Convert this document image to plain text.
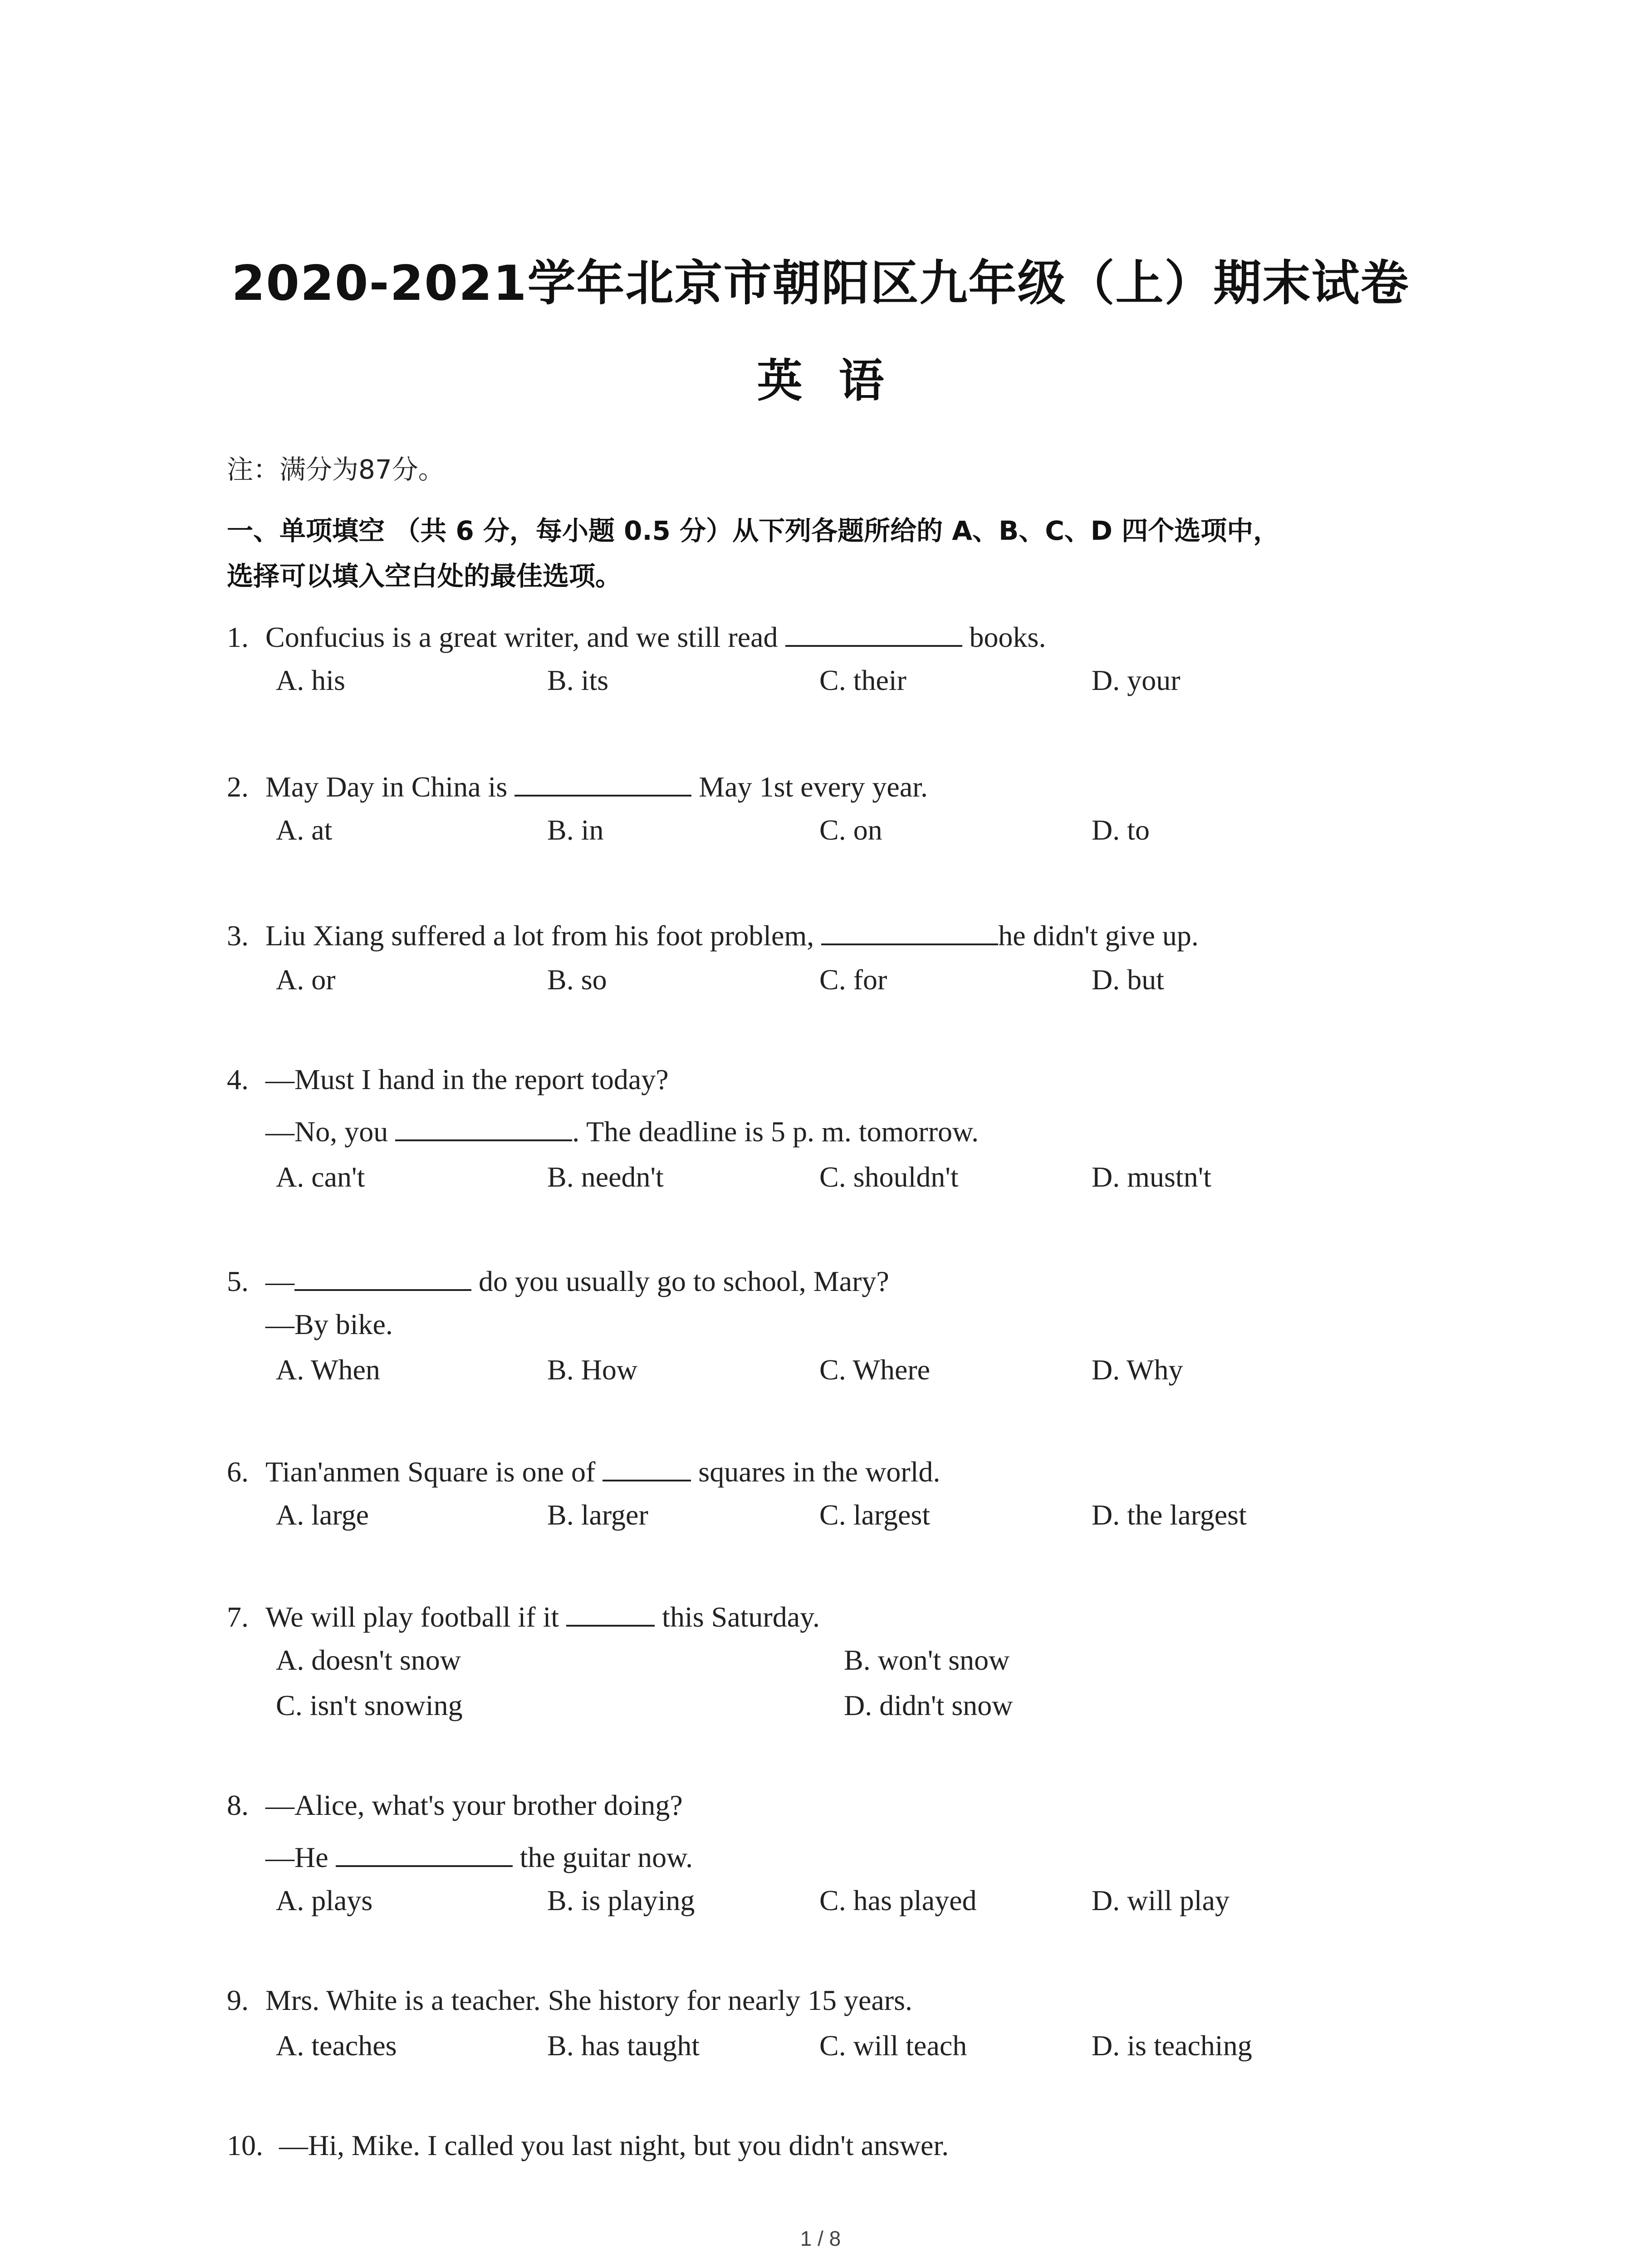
2020-2021学年北京市朝阳区九年级（上）期末试卷
英 语
注：满分为87分。
一、单项填空 （共 6 分，每小题 0.5 分）从下列各题所给的 A、B、C、D 四个选项中，
选择可以填入空白处的最佳选项。
1. Confucius is a great writer, and we still read	books.
A. his	B. its	C. their	D. your
2. May Day in China is	May 1st every year.
A. at	B. in	C. on	D. to
3. Liu Xiang suffered a lot from his foot problem,	he didn't give up.
A. or	B. so	C. for	D. but
4. —Must I hand in the report today?
—No, you	. The deadline is 5 p. m. tomorrow.
A. can't	B. needn't	C. shouldn't	D. mustn't
5. —	do you usually go to school, Mary?
—By bike.
A. When	B. How	C. Where	D. Why
6. Tian'anmen Square is one of	squares in the world.
A. large	B. larger	C. largest	D. the largest
7. We will play football if it	this Saturday.
A. doesn't snow	B. won't snow
C. isn't snowing	D. didn't snow
8. —Alice, what's your brother doing?
—He	the guitar now.
A. plays	B. is playing	C. has played	D. will play
9. Mrs. White is a teacher. She history for nearly 15 years.
A. teaches	B. has taught	C. will teach	D. is teaching
10. —Hi, Mike. I called you last night, but you didn't answer.
1 / 8
